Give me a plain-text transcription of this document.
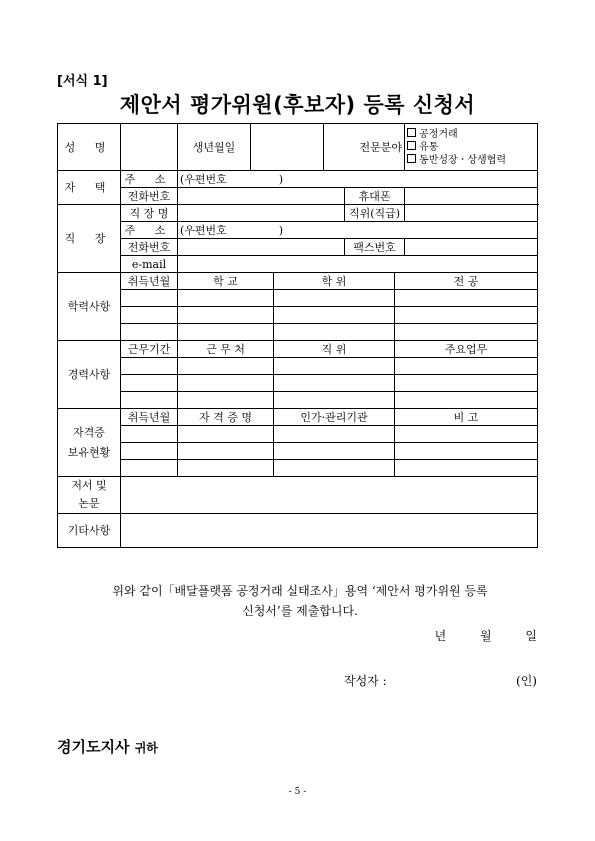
[서식 1]
제안서 평가위원(후보자) 등록 신청서
성 명		생년월일			전문분야			공정거래
유통
동반성장ㆍ상생협력

자 택	주 소	(우편번호 )						
	전화번호					휴대폰		
직 장	직 장 명					직위(직급)		
	주 소	(우편번호 )						
	전화번호					팩스번호		
	e-mail							
학력사항	취득년월	학 교		학 위			전 공	

경력사항	근무기간	근 무 처		직 위			주요업무	

자격증
보유현황	취득년월	자 격 증 명		인가·관리기관			비 고	

저서 및
논문								
기타사항								
위와 같이「배달플랫폼 공정거래 실태조사」용역 ‘제안서 평가위원 등록
신청서’를 제출합니다.
년 월 일
작성자 :	(인)
경기도지사 귀하
- 5 -
